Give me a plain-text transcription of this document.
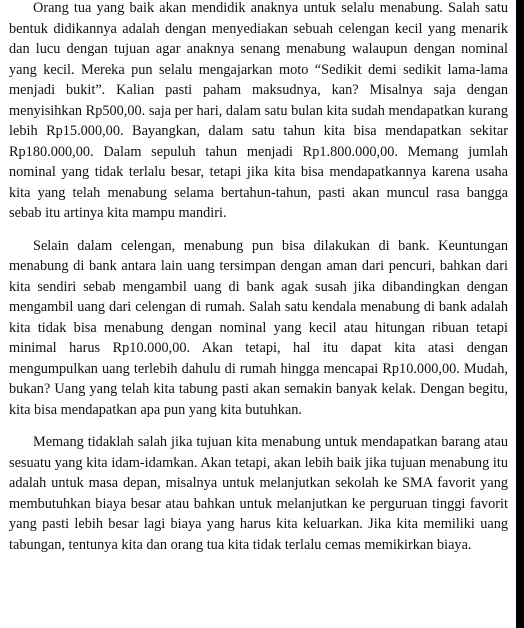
Orang tua yang baik akan mendidik anaknya untuk selalu menabung. Salah satu bentuk didikannya adalah dengan menyediakan sebuah celengan kecil yang menarik dan lucu dengan tujuan agar anaknya senang menabung walaupun dengan nominal yang kecil. Mereka pun selalu mengajarkan moto “Sedikit demi sedikit lama-lama menjadi bukit”. Kalian pasti paham maksudnya, kan? Misalnya saja dengan menyisihkan Rp500,00. saja per hari, dalam satu bulan kita sudah mendapatkan kurang lebih Rp15.000,00. Bayangkan, dalam satu tahun kita bisa mendapatkan sekitar Rp180.000,00. Dalam sepuluh tahun menjadi Rp1.800.000,00. Memang jumlah nominal yang tidak terlalu besar, tetapi jika kita bisa mendapatkannya karena usaha kita yang telah menabung selama bertahun-tahun, pasti akan muncul rasa bangga sebab itu artinya kita mampu mandiri.

Selain dalam celengan, menabung pun bisa dilakukan di bank. Keuntungan menabung di bank antara lain uang tersimpan dengan aman dari pencuri, bahkan dari kita sendiri sebab mengambil uang di bank agak susah jika dibandingkan dengan mengambil uang dari celengan di rumah. Salah satu kendala menabung di bank adalah kita tidak bisa menabung dengan nominal yang kecil atau hitungan ribuan tetapi minimal harus Rp10.000,00. Akan tetapi, hal itu dapat kita atasi dengan mengumpulkan uang terlebih dahulu di rumah hingga mencapai Rp10.000,00. Mudah, bukan? Uang yang telah kita tabung pasti akan semakin banyak kelak. Dengan begitu, kita bisa mendapatkan apa pun yang kita butuhkan.

Memang tidaklah salah jika tujuan kita menabung untuk mendapatkan barang atau sesuatu yang kita idam-idamkan. Akan tetapi, akan lebih baik jika tujuan menabung itu adalah untuk masa depan, misalnya untuk melanjutkan sekolah ke SMA favorit yang membutuhkan biaya besar atau bahkan untuk melanjutkan ke perguruan tinggi favorit yang pasti lebih besar lagi biaya yang harus kita keluarkan. Jika kita memiliki uang tabungan, tentunya kita dan orang tua kita tidak terlalu cemas memikirkan biaya.
